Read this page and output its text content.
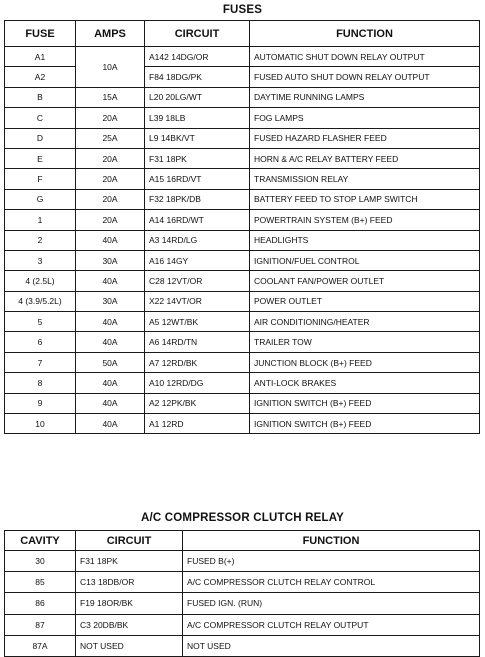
FUSES
FUSE	AMPS	CIRCUIT	FUNCTION
A1	10A	A142 14DG/OR	AUTOMATIC SHUT DOWN RELAY OUTPUT
A2		F84 18DG/PK	FUSED AUTO SHUT DOWN RELAY OUTPUT
B	15A	L20 20LG/WT	DAYTIME RUNNING LAMPS
C	20A	L39 18LB	FOG LAMPS
D	25A	L9 14BK/VT	FUSED HAZARD FLASHER FEED
E	20A	F31 18PK	HORN & A/C RELAY BATTERY FEED
F	20A	A15 16RD/VT	TRANSMISSION RELAY
G	20A	F32 18PK/DB	BATTERY FEED TO STOP LAMP SWITCH
1	20A	A14 16RD/WT	POWERTRAIN SYSTEM (B+) FEED
2	40A	A3 14RD/LG	HEADLIGHTS
3	30A	A16 14GY	IGNITION/FUEL CONTROL
4 (2.5L)	40A	C28 12VT/OR	COOLANT FAN/POWER OUTLET
4 (3.9/5.2L)	30A	X22 14VT/OR	POWER OUTLET
5	40A	A5 12WT/BK	AIR CONDITIONING/HEATER
6	40A	A6 14RD/TN	TRAILER TOW
7	50A	A7 12RD/BK	JUNCTION BLOCK (B+) FEED
8	40A	A10 12RD/DG	ANTI-LOCK BRAKES
9	40A	A2 12PK/BK	IGNITION SWITCH (B+) FEED
10	40A	A1 12RD	IGNITION SWITCH (B+) FEED
A/C COMPRESSOR CLUTCH RELAY
CAVITY	CIRCUIT	FUNCTION
30	F31 18PK	FUSED B(+)
85	C13 18DB/OR	A/C COMPRESSOR CLUTCH RELAY CONTROL
86	F19 18OR/BK	FUSED IGN. (RUN)
87	C3 20DB/BK	A/C COMPRESSOR CLUTCH RELAY OUTPUT
87A	NOT USED	NOT USED
